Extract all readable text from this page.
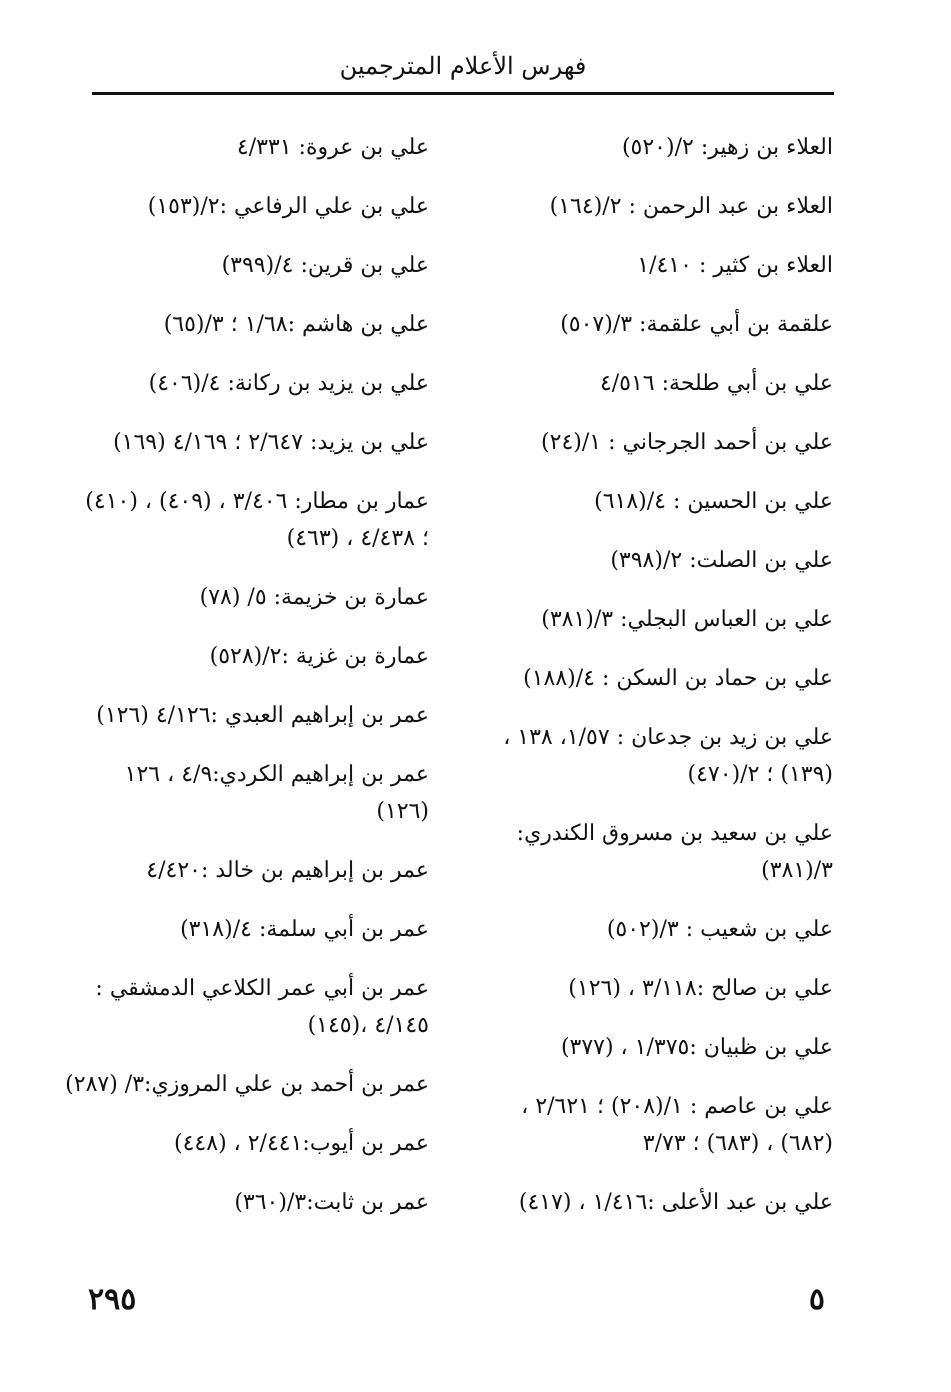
فهرس الأعلام المترجمين

العلاء بن زهير: ٢/(٥٢٠)

العلاء بن عبد الرحمن : ٢/(١٦٤)

العلاء بن كثير : ١/٤١٠

علقمة بن أبي علقمة: ٣/(٥٠٧)

علي بن أبي طلحة: ٤/٥١٦

علي بن أحمد الجرجاني : ١/(٢٤)

علي بن الحسين : ٤/(٦١٨)

علي بن الصلت: ٢/(٣٩٨)

علي بن العباس البجلي: ٣/(٣٨١)

علي بن حماد بن السكن : ٤/(١٨٨)

علي بن زيد بن جدعان : ١/٥٧، ١٣٨ ، (١٣٩) ؛ ٢/(٤٧٠)

علي بن سعيد بن مسروق الكندري: ٣/(٣٨١)

علي بن شعيب : ٣/(٥٠٢)

علي بن صالح :٣/١١٨ ، (١٢٦)

علي بن ظبيان :١/٣٧٥ ، (٣٧٧)

علي بن عاصم : ١/(٢٠٨) ؛ ٢/٦٢١ ، (٦٨٢) ، (٦٨٣) ؛ ٣/٧٣

علي بن عبد الأعلى :١/٤١٦ ، (٤١٧)

علي بن عروة: ٤/٣٣١

علي بن علي الرفاعي :٢/(١٥٣)

علي بن قرين: ٤/(٣٩٩)

علي بن هاشم :١/٦٨ ؛ ٣/(٦٥)

علي بن يزيد بن ركانة: ٤/(٤٠٦)

علي بن يزيد: ٢/٦٤٧ ؛ ٤/١٦٩ (١٦٩)

عمار بن مطار: ٣/٤٠٦ ، (٤٠٩) ، (٤١٠) ؛ ٤/٤٣٨ ، (٤٦٣)

عمارة بن خزيمة: ٥/ (٧٨)

عمارة بن غزية :٢/(٥٢٨)

عمر بن إبراهيم العبدي :٤/١٢٦ (١٢٦)

عمر بن إبراهيم الكردي:٤/٩ ، ١٢٦ (١٢٦)

عمر بن إبراهيم بن خالد :٤/٤٢٠

عمر بن أبي سلمة: ٤/(٣١٨)

عمر بن أبي عمر الكلاعي الدمشقي : ٤/١٤٥ ،(١٤٥)

عمر بن أحمد بن علي المروزي:٣/ (٢٨٧)

عمر بن أيوب:٢/٤٤١ ، (٤٤٨)

عمر بن ثابت:٣/(٣٦٠)

٢٩٥	٥
